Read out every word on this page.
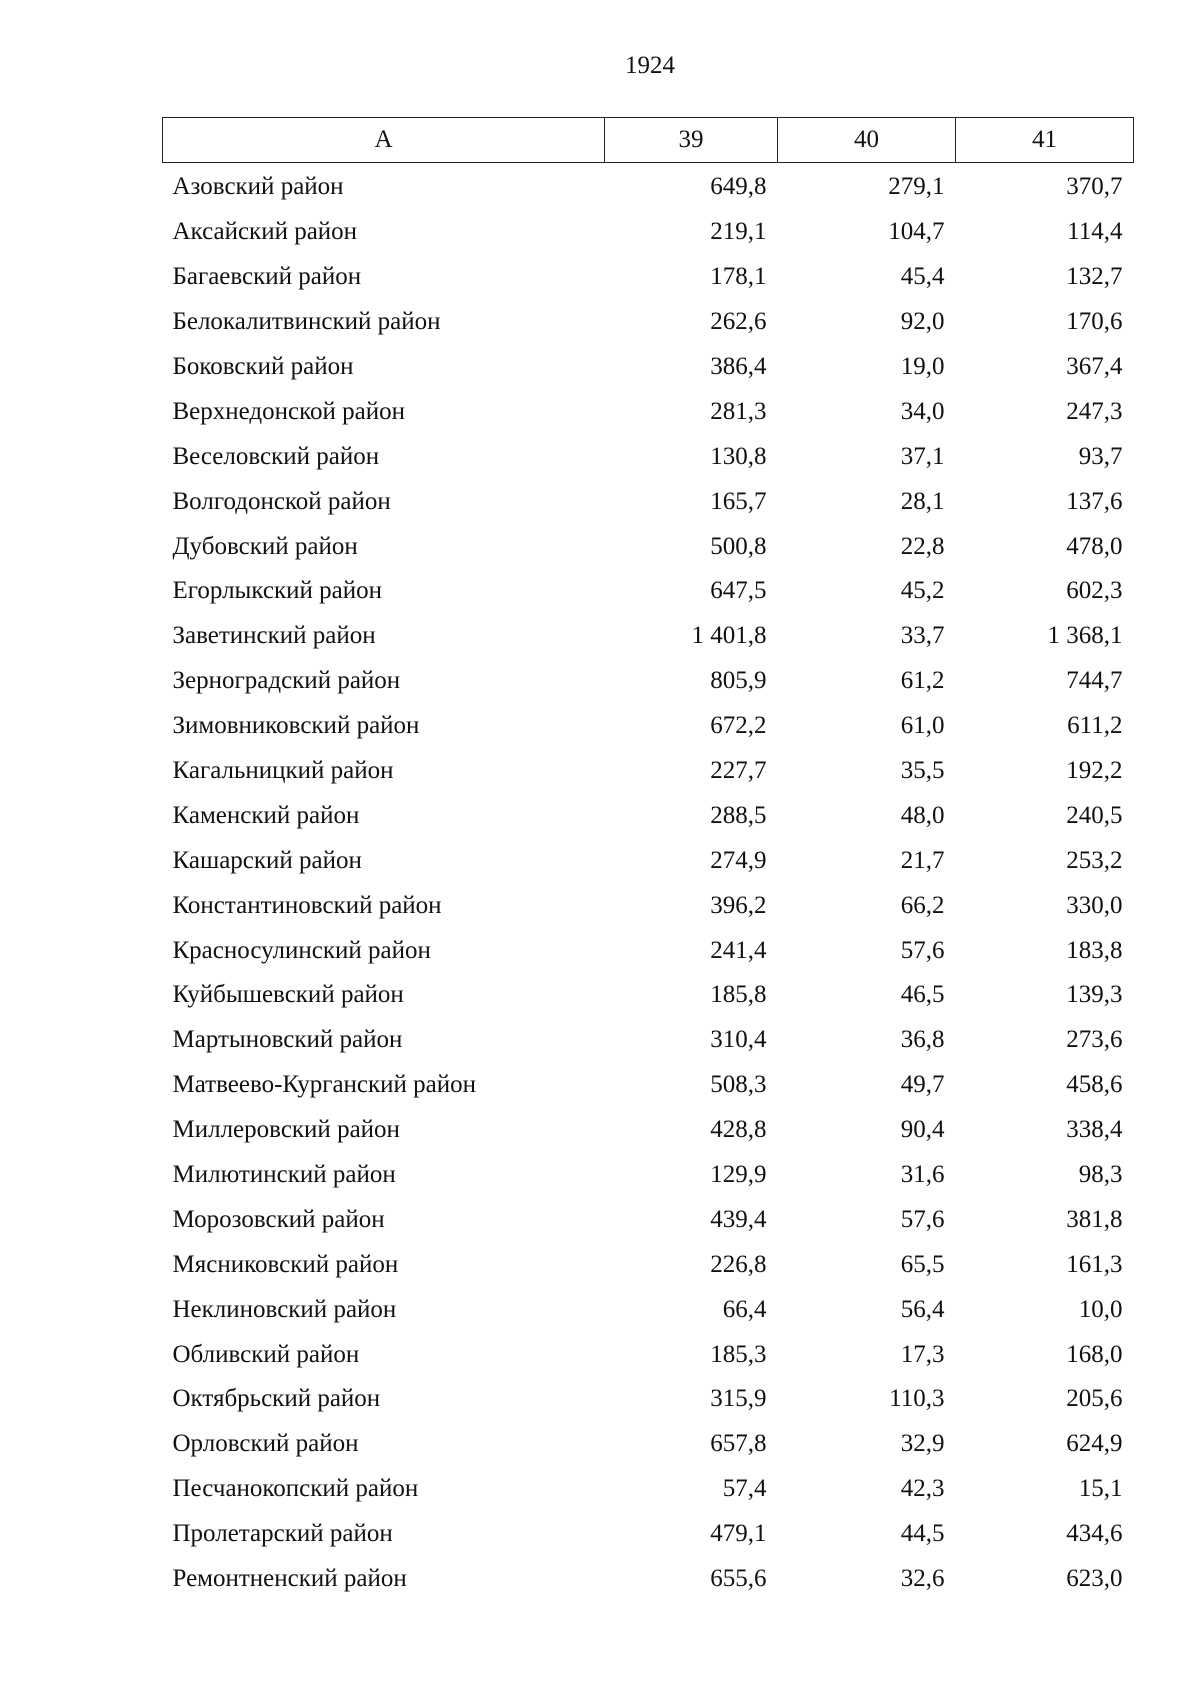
1924
А	39	40	41
Азовский район	649,8	279,1	370,7
Аксайский район	219,1	104,7	114,4
Багаевский район	178,1	45,4	132,7
Белокалитвинский район	262,6	92,0	170,6
Боковский район	386,4	19,0	367,4
Верхнедонской район	281,3	34,0	247,3
Веселовский район	130,8	37,1	93,7
Волгодонской район	165,7	28,1	137,6
Дубовский район	500,8	22,8	478,0
Егорлыкский район	647,5	45,2	602,3
Заветинский район	1 401,8	33,7	1 368,1
Зерноградский район	805,9	61,2	744,7
Зимовниковский район	672,2	61,0	611,2
Кагальницкий район	227,7	35,5	192,2
Каменский район	288,5	48,0	240,5
Кашарский район	274,9	21,7	253,2
Константиновский район	396,2	66,2	330,0
Красносулинский район	241,4	57,6	183,8
Куйбышевский район	185,8	46,5	139,3
Мартыновский район	310,4	36,8	273,6
Матвеево-Курганский район	508,3	49,7	458,6
Миллеровский район	428,8	90,4	338,4
Милютинский район	129,9	31,6	98,3
Морозовский район	439,4	57,6	381,8
Мясниковский район	226,8	65,5	161,3
Неклиновский район	66,4	56,4	10,0
Обливский район	185,3	17,3	168,0
Октябрьский район	315,9	110,3	205,6
Орловский район	657,8	32,9	624,9
Песчанокопский район	57,4	42,3	15,1
Пролетарский район	479,1	44,5	434,6
Ремонтненский район	655,6	32,6	623,0
